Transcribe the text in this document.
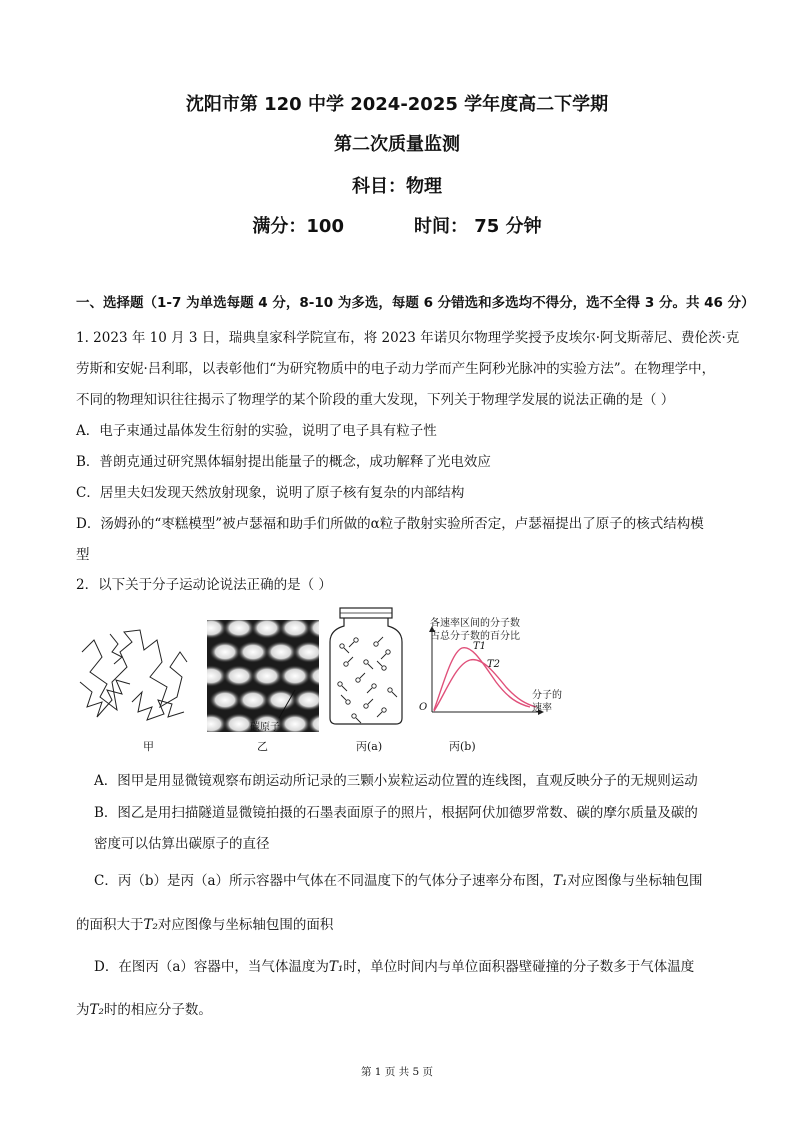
沈阳市第 120 中学 2024-2025 学年度高二下学期
第二次质量监测
科目：物理
满分：100	时间： 75 分钟
一、选择题（1-7 为单选每题 4 分，8-10 为多选，每题 6 分错选和多选均不得分，选不全得 3 分。共 46 分）
1. 2023 年 10 月 3 日，瑞典皇家科学院宣布，将 2023 年诺贝尔物理学奖授予皮埃尔·阿戈斯蒂尼、费伦茨·克
劳斯和安妮·吕利耶，以表彰他们“为研究物质中的电子动力学而产生阿秒光脉冲的实验方法”。在物理学中，
不同的物理知识往往揭示了物理学的某个阶段的重大发现，下列关于物理学发展的说法正确的是（ ）
A．电子束通过晶体发生衍射的实验，说明了电子具有粒子性
B．普朗克通过研究黑体辐射提出能量子的概念，成功解释了光电效应
C．居里夫妇发现天然放射现象，说明了原子核有复杂的内部结构
D．汤姆孙的“枣糕模型”被卢瑟福和助手们所做的α粒子散射实验所否定，卢瑟福提出了原子的核式结构模
型
2．以下关于分子运动论说法正确的是（ ）
甲
碳原子
乙	丙(a)
各速率区间的分子数
占总分子数的百分比
T1
T2
分子的
速率
O
丙(b)
A．图甲是用显微镜观察布朗运动所记录的三颗小炭粒运动位置的连线图，直观反映分子的无规则运动
B．图乙是用扫描隧道显微镜拍摄的石墨表面原子的照片，根据阿伏加德罗常数、碳的摩尔质量及碳的
密度可以估算出碳原子的直径
C．丙（b）是丙（a）所示容器中气体在不同温度下的气体分子速率分布图，T₁对应图像与坐标轴包围
的面积大于T₂对应图像与坐标轴包围的面积
D．在图丙（a）容器中，当气体温度为T₁时，单位时间内与单位面积器壁碰撞的分子数多于气体温度
为T₂时的相应分子数。
第 1 页 共 5 页
